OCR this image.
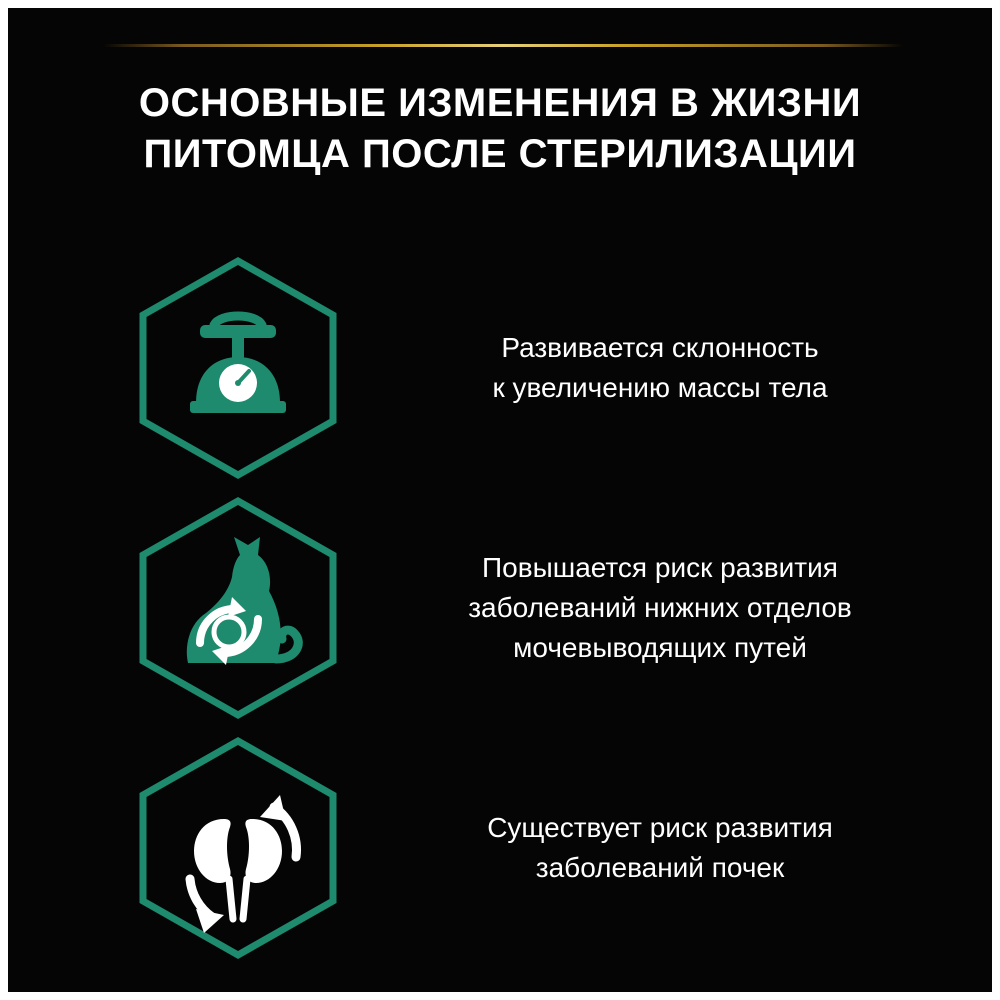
ОСНОВНЫЕ ИЗМЕНЕНИЯ В ЖИЗНИ
ПИТОМЦА ПОСЛЕ СТЕРИЛИЗАЦИИ
Развивается склонность
к увеличению массы тела
Повышается риск развития
заболеваний нижних отделов
мочевыводящих путей
Существует риск развития
заболеваний почек
